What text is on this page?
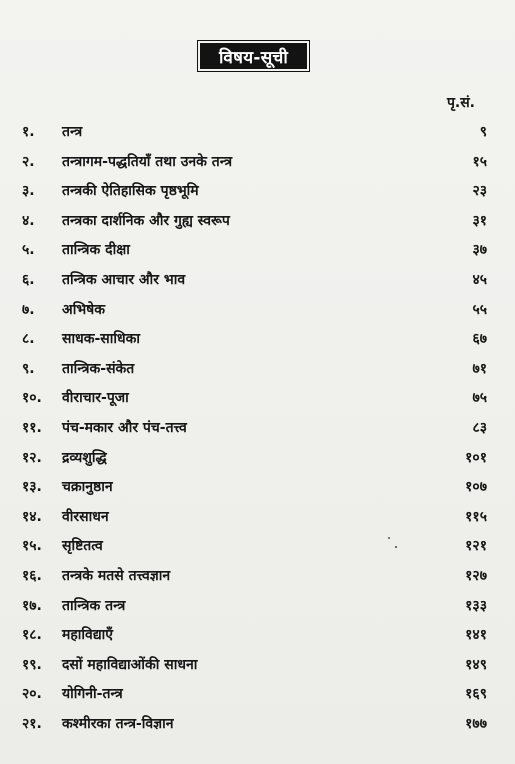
विषय-सूची
पृ.सं.
१.	तन्त्र	९
२.	तन्त्रागम-पद्धतियाँ तथा उनके तन्त्र	१५
३.	तन्त्रकी ऐतिहासिक पृष्ठभूमि	२३
४.	तन्त्रका दार्शनिक और गुह्य स्वरूप	३१
५.	तान्त्रिक दीक्षा	३७
६.	तन्त्रिक आचार और भाव	४५
७.	अभिषेक	५५
८.	साधक-साधिका	६७
९.	तान्त्रिक-संकेत	७१
१०.	वीराचार-पूजा	७५
११.	पंच-मकार और पंच-तत्त्व	८३
१२.	द्रव्यशुद्धि	१०१
१३.	चक्रानुष्ठान	१०७
१४.	वीरसाधन	११५
१५.	सृष्टितत्व	१२१
१६.	तन्त्रके मतसे तत्त्वज्ञान	१२७
१७.	तान्त्रिक तन्त्र	१३३
१८.	महाविद्याएँ	१४१
१९.	दसों महाविद्याओंकी साधना	१४९
२०.	योगिनी-तन्त्र	१६९
२१.	कश्मीरका तन्त्र-विज्ञान	१७७
